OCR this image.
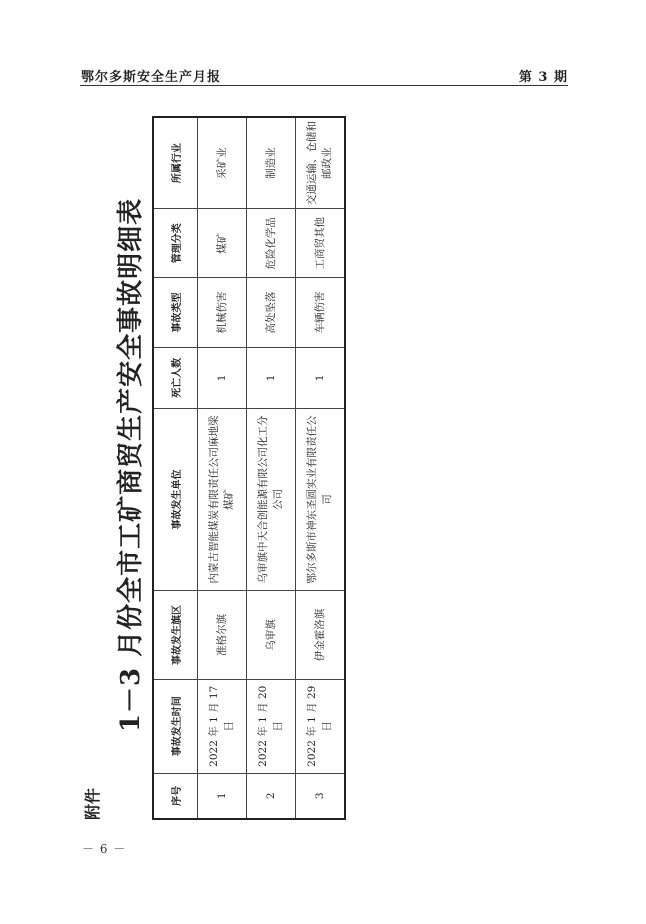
鄂尔多斯安全生产月报	第 3 期
附件
1－3 月份全市工矿商贸生产安全事故明细表
序号	事故发生时间	事故发生旗区	事故发生单位	死亡人数	事故类型	管理分类	所属行业
1	2022 年 1 月 17 日	准格尔旗	内蒙古智能煤炭有限责任公司麻地梁煤矿	1	机械伤害	煤矿	采矿业
2	2022 年 1 月 20 日	乌审旗	乌审旗中天合创能源有限公司化工分公司	1	高处坠落	危险化学品	制造业
3	2022 年 1 月 29 日	伊金霍洛旗	鄂尔多斯市神东圣圆实业有限责任公司	1	车辆伤害	工商贸其他	交通运输、仓储和邮政业
－ 6 －
